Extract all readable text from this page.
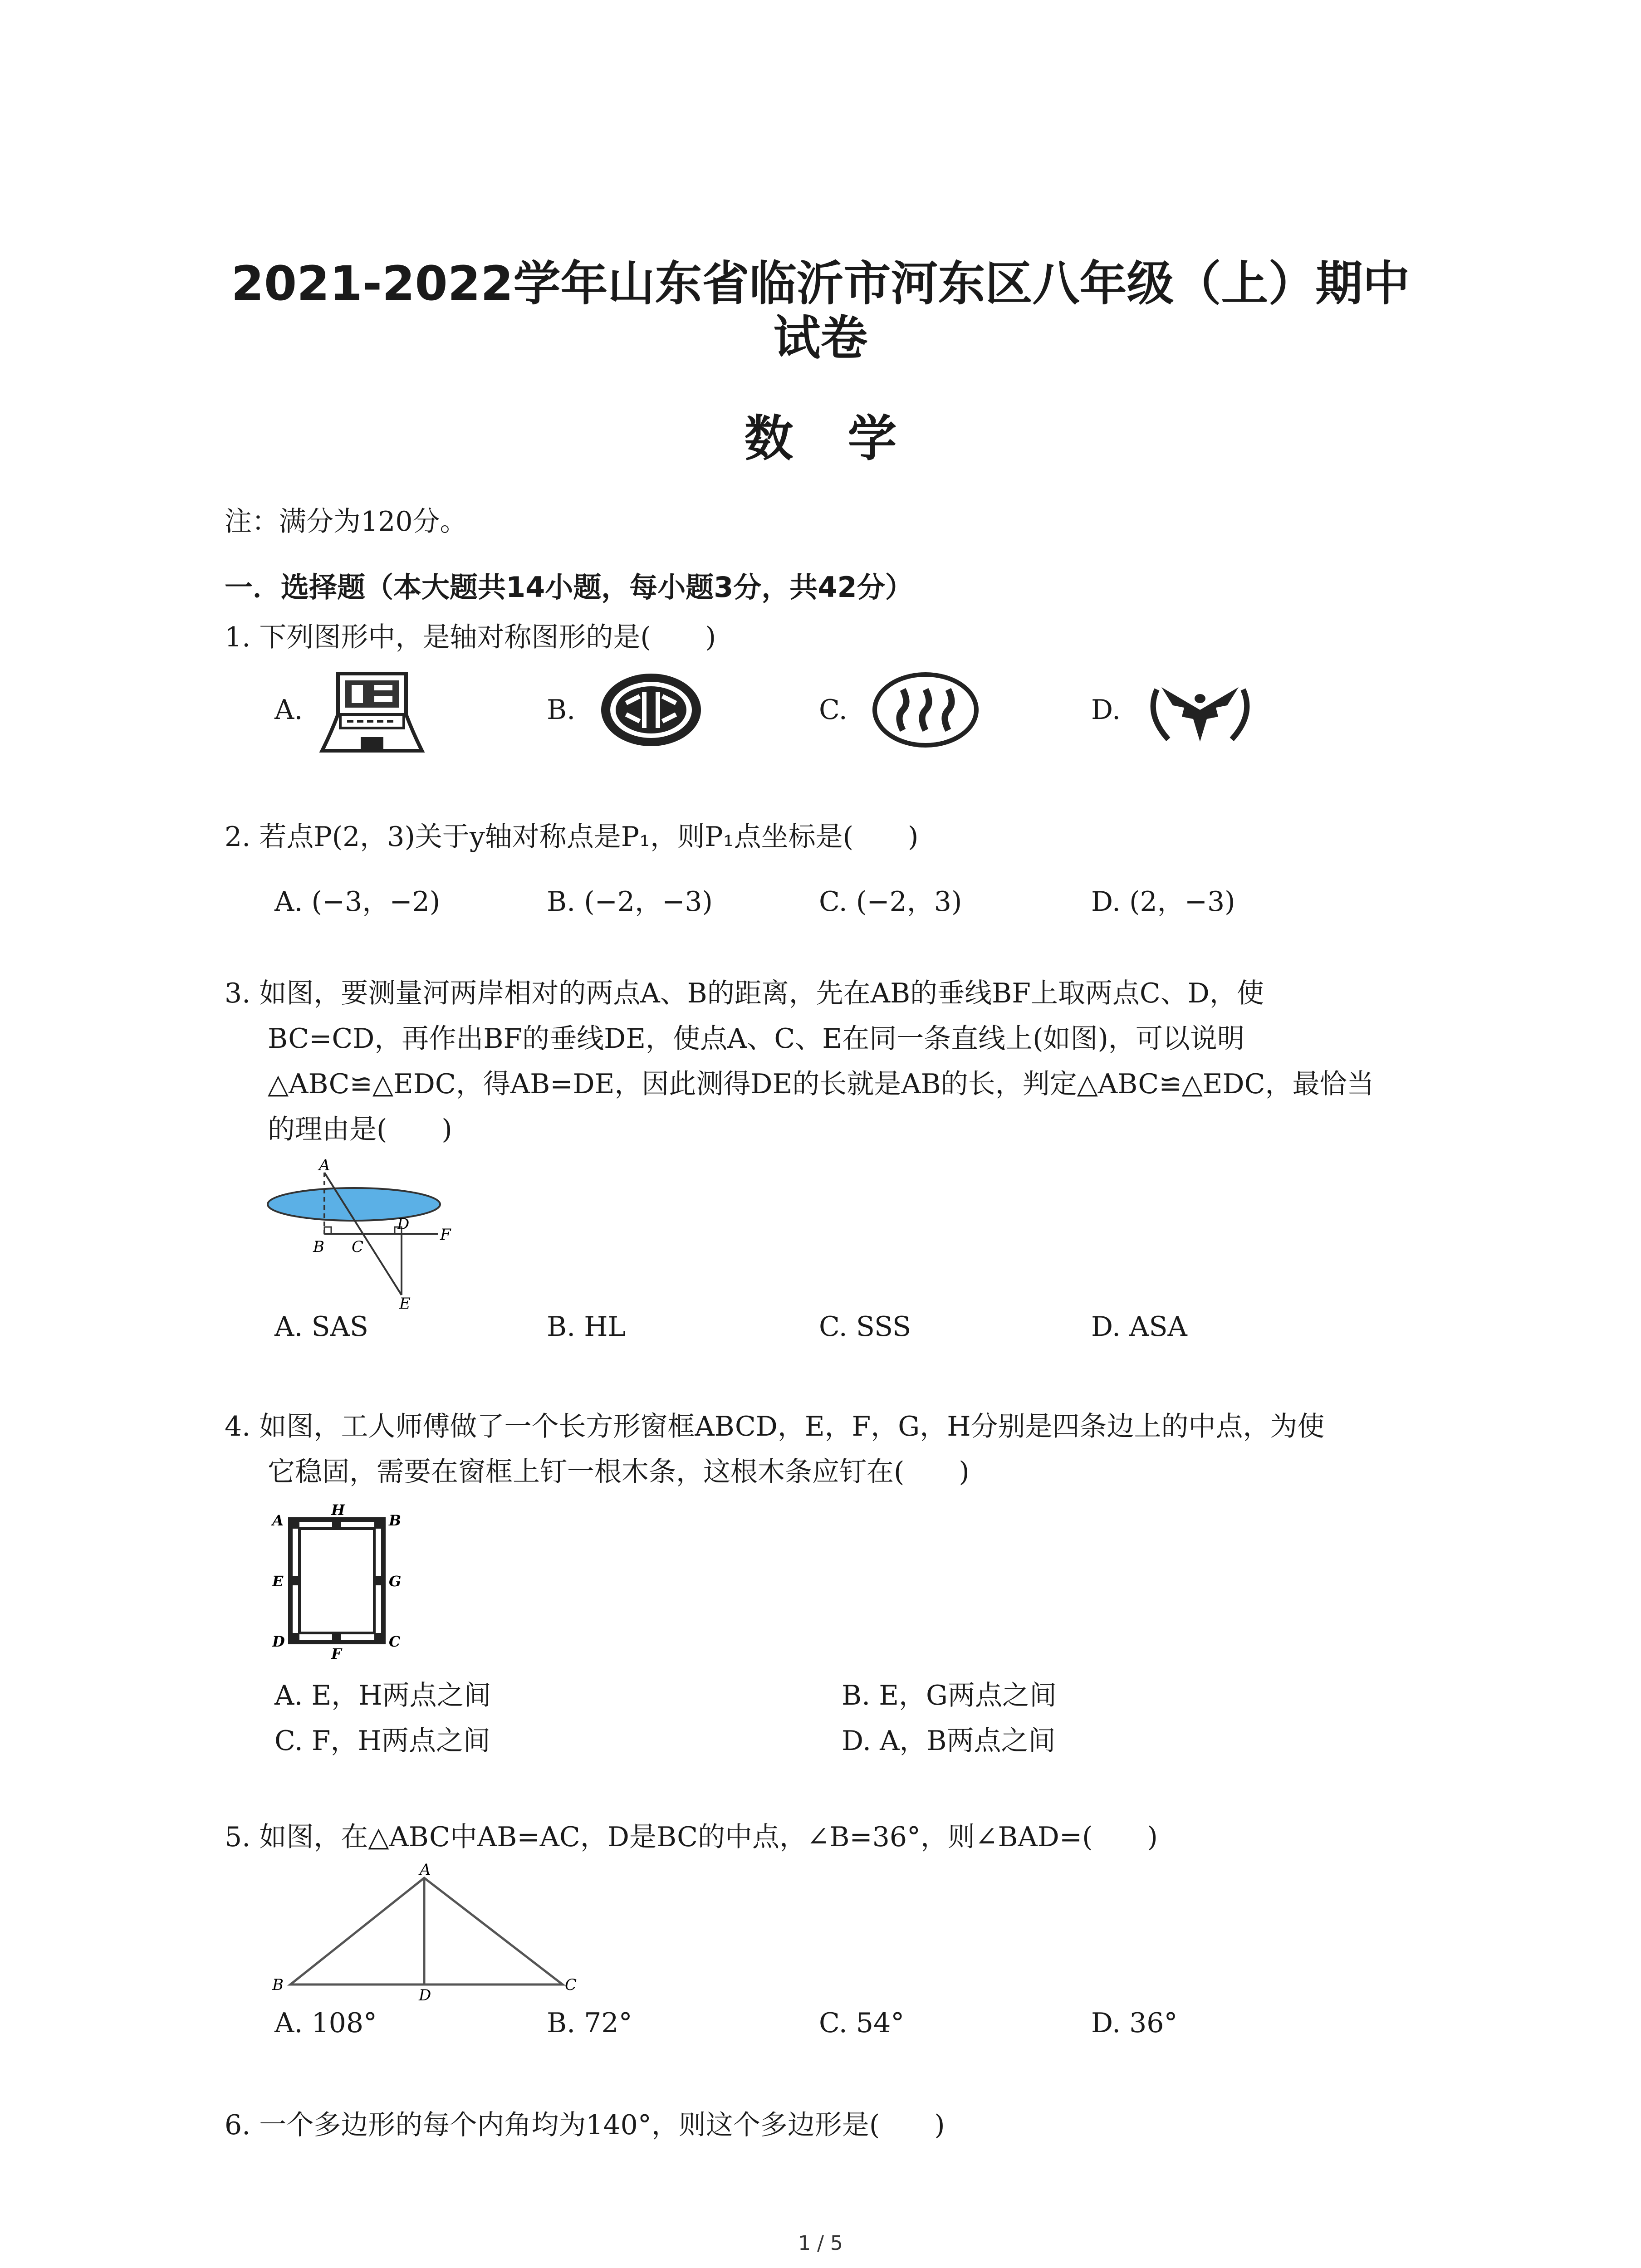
2021-2022学年山东省临沂市河东区八年级（上）期中
试卷
数学
注：满分为120分。
一．选择题（本大题共14小题，每小题3分，共42分）
1. 下列图形中，是轴对称图形的是(　　)
A.	B.	C.	D.
2. 若点P(2，3)关于y轴对称点是P₁，则P₁点坐标是(　　)
A. (−3，−2)	B. (−2，−3)	C. (−2，3)	D. (2，−3)
3. 如图，要测量河两岸相对的两点A、B的距离，先在AB的垂线BF上取两点C、D，使
BC=CD，再作出BF的垂线DE，使点A、C、E在同一条直线上(如图)，可以说明
△ABC≌△EDC，得AB=DE，因此测得DE的长就是AB的长，判定△ABC≌△EDC，最恰当
的理由是(　　)
A
B C
D
F
E
A. SAS	B. HL	C. SSS	D. ASA
4. 如图，工人师傅做了一个长方形窗框ABCD，E，F，G，H分别是四条边上的中点，为使
它稳固，需要在窗框上钉一根木条，这根木条应钉在(　　)
A
H
B
E	G
D
F
C
A. E，H两点之间	B. E，G两点之间
C. F，H两点之间	D. A，B两点之间
5. 如图，在△ABC中AB=AC，D是BC的中点，∠B=36°，则∠BAD=(　　)
A
B
D
C
A. 108°	B. 72°	C. 54°	D. 36°
6. 一个多边形的每个内角均为140°，则这个多边形是(　　)
1 / 5
